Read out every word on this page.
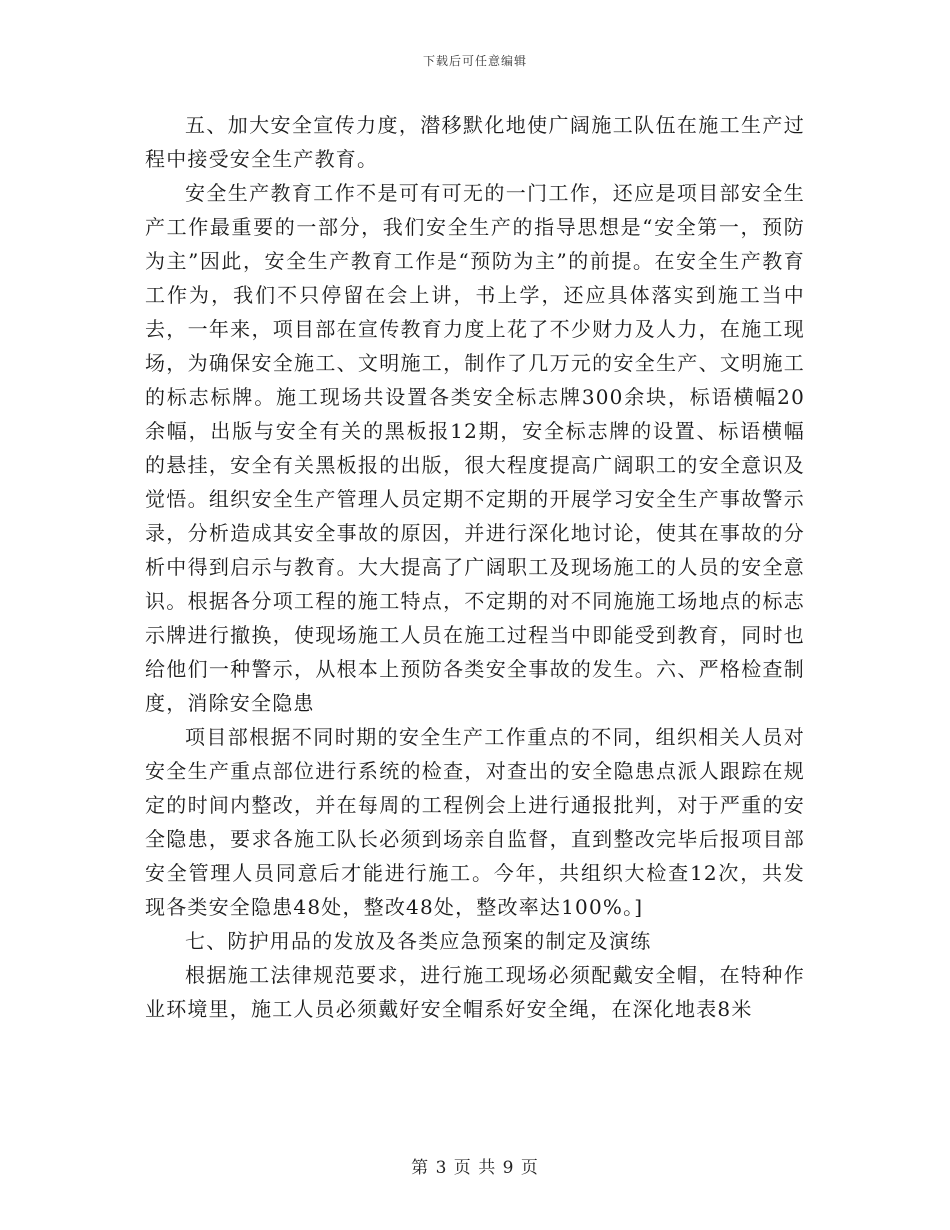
下载后可任意编辑

五、加大安全宣传力度，潜移默化地使广阔施工队伍在施工生产过程中接受安全生产教育。

安全生产教育工作不是可有可无的一门工作，还应是项目部安全生产工作最重要的一部分，我们安全生产的指导思想是“安全第一，预防为主”因此，安全生产教育工作是“预防为主”的前提。在安全生产教育工作为，我们不只停留在会上讲，书上学，还应具体落实到施工当中去，一年来，项目部在宣传教育力度上花了不少财力及人力，在施工现场，为确保安全施工、文明施工，制作了几万元的安全生产、文明施工的标志标牌。施工现场共设置各类安全标志牌300余块，标语横幅20余幅，出版与安全有关的黑板报12期，安全标志牌的设置、标语横幅的悬挂，安全有关黑板报的出版，很大程度提高广阔职工的安全意识及觉悟。组织安全生产管理人员定期不定期的开展学习安全生产事故警示录，分析造成其安全事故的原因，并进行深化地讨论，使其在事故的分析中得到启示与教育。大大提高了广阔职工及现场施工的人员的安全意识。根据各分项工程的施工特点，不定期的对不同施施工场地点的标志示牌进行撤换，使现场施工人员在施工过程当中即能受到教育，同时也给他们一种警示，从根本上预防各类安全事故的发生。六、严格检查制度，消除安全隐患

项目部根据不同时期的安全生产工作重点的不同，组织相关人员对安全生产重点部位进行系统的检查，对查出的安全隐患点派人跟踪在规定的时间内整改，并在每周的工程例会上进行通报批判，对于严重的安全隐患，要求各施工队长必须到场亲自监督，直到整改完毕后报项目部安全管理人员同意后才能进行施工。今年，共组织大检查12次，共发现各类安全隐患48处，整改48处，整改率达100%。]

七、防护用品的发放及各类应急预案的制定及演练

根据施工法律规范要求，进行施工现场必须配戴安全帽，在特种作业环境里，施工人员必须戴好安全帽系好安全绳，在深化地表8米

第 3 页 共 9 页
